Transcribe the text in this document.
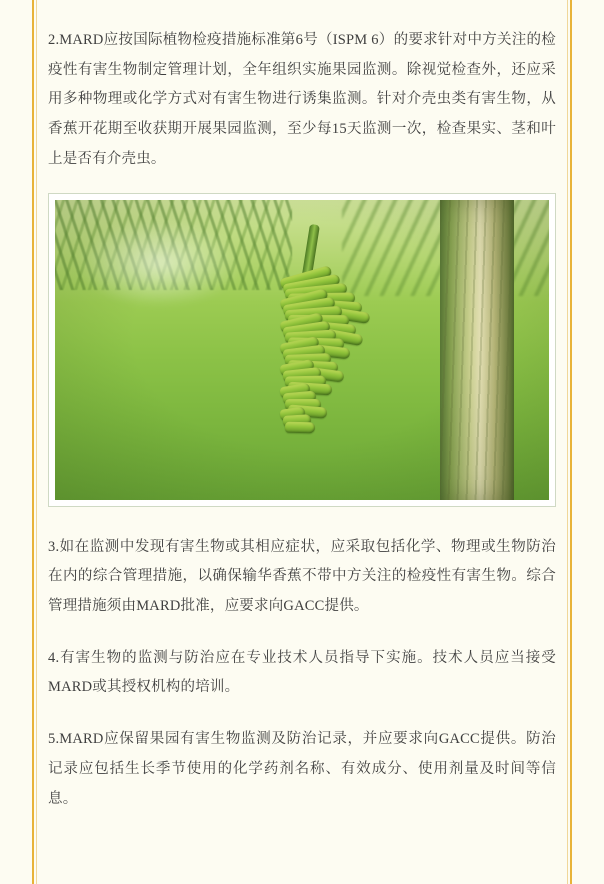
2.MARD应按国际植物检疫措施标准第6号（ISPM 6）的要求针对中方关注的检疫性有害生物制定管理计划，全年组织实施果园监测。除视觉检查外，还应采用多种物理或化学方式对有害生物进行诱集监测。针对介壳虫类有害生物，从香蕉开花期至收获期开展果园监测，至少每15天监测一次，检查果实、茎和叶上是否有介壳虫。

3.如在监测中发现有害生物或其相应症状，应采取包括化学、物理或生物防治在内的综合管理措施，以确保输华香蕉不带中方关注的检疫性有害生物。综合管理措施须由MARD批准，应要求向GACC提供。

4.有害生物的监测与防治应在专业技术人员指导下实施。技术人员应当接受MARD或其授权机构的培训。

5.MARD应保留果园有害生物监测及防治记录，并应要求向GACC提供。防治记录应包括生长季节使用的化学药剂名称、有效成分、使用剂量及时间等信息。
